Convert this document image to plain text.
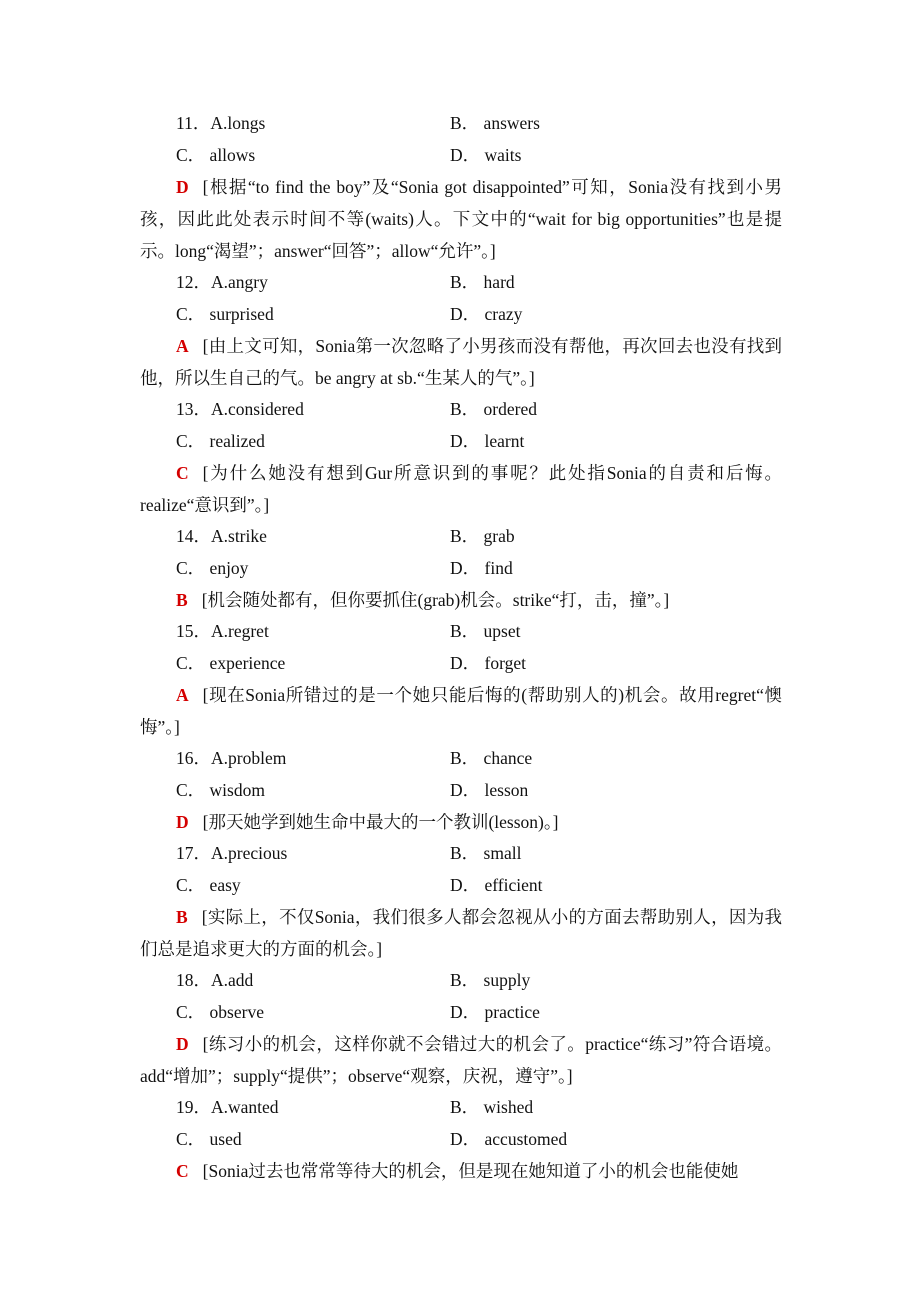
11．A.longs	B． answers
C． allows	D． waits

D [根据“to find the boy”及“Sonia got disappointed”可知，Sonia没有找到小男孩，因此此处表示时间不等(waits)人。下文中的“wait for big opportunities”也是提示。long“渴望”；answer“回答”；allow“允许”。]

12．A.angry	B． hard
C． surprised	D． crazy

A [由上文可知，Sonia第一次忽略了小男孩而没有帮他，再次回去也没有找到他，所以生自己的气。be angry at sb.“生某人的气”。]

13．A.considered	B． ordered
C． realized	D． learnt

C [为什么她没有想到Gur所意识到的事呢？此处指Sonia的自责和后悔。realize“意识到”。]

14．A.strike	B． grab
C． enjoy	D． find

B [机会随处都有，但你要抓住(grab)机会。strike“打，击，撞”。]

15．A.regret	B． upset
C． experience	D． forget

A [现在Sonia所错过的是一个她只能后悔的(帮助别人的)机会。故用regret“懊悔”。]

16．A.problem	B． chance
C． wisdom	D． lesson

D [那天她学到她生命中最大的一个教训(lesson)。]

17．A.precious	B． small
C． easy	D． efficient

B [实际上，不仅Sonia，我们很多人都会忽视从小的方面去帮助别人，因为我们总是追求更大的方面的机会。]

18．A.add	B． supply
C． observe	D． practice

D [练习小的机会，这样你就不会错过大的机会了。practice“练习”符合语境。add“增加”；supply“提供”；observe“观察，庆祝，遵守”。]

19．A.wanted	B． wished
C． used	D． accustomed

C [Sonia过去也常常等待大的机会，但是现在她知道了小的机会也能使她
